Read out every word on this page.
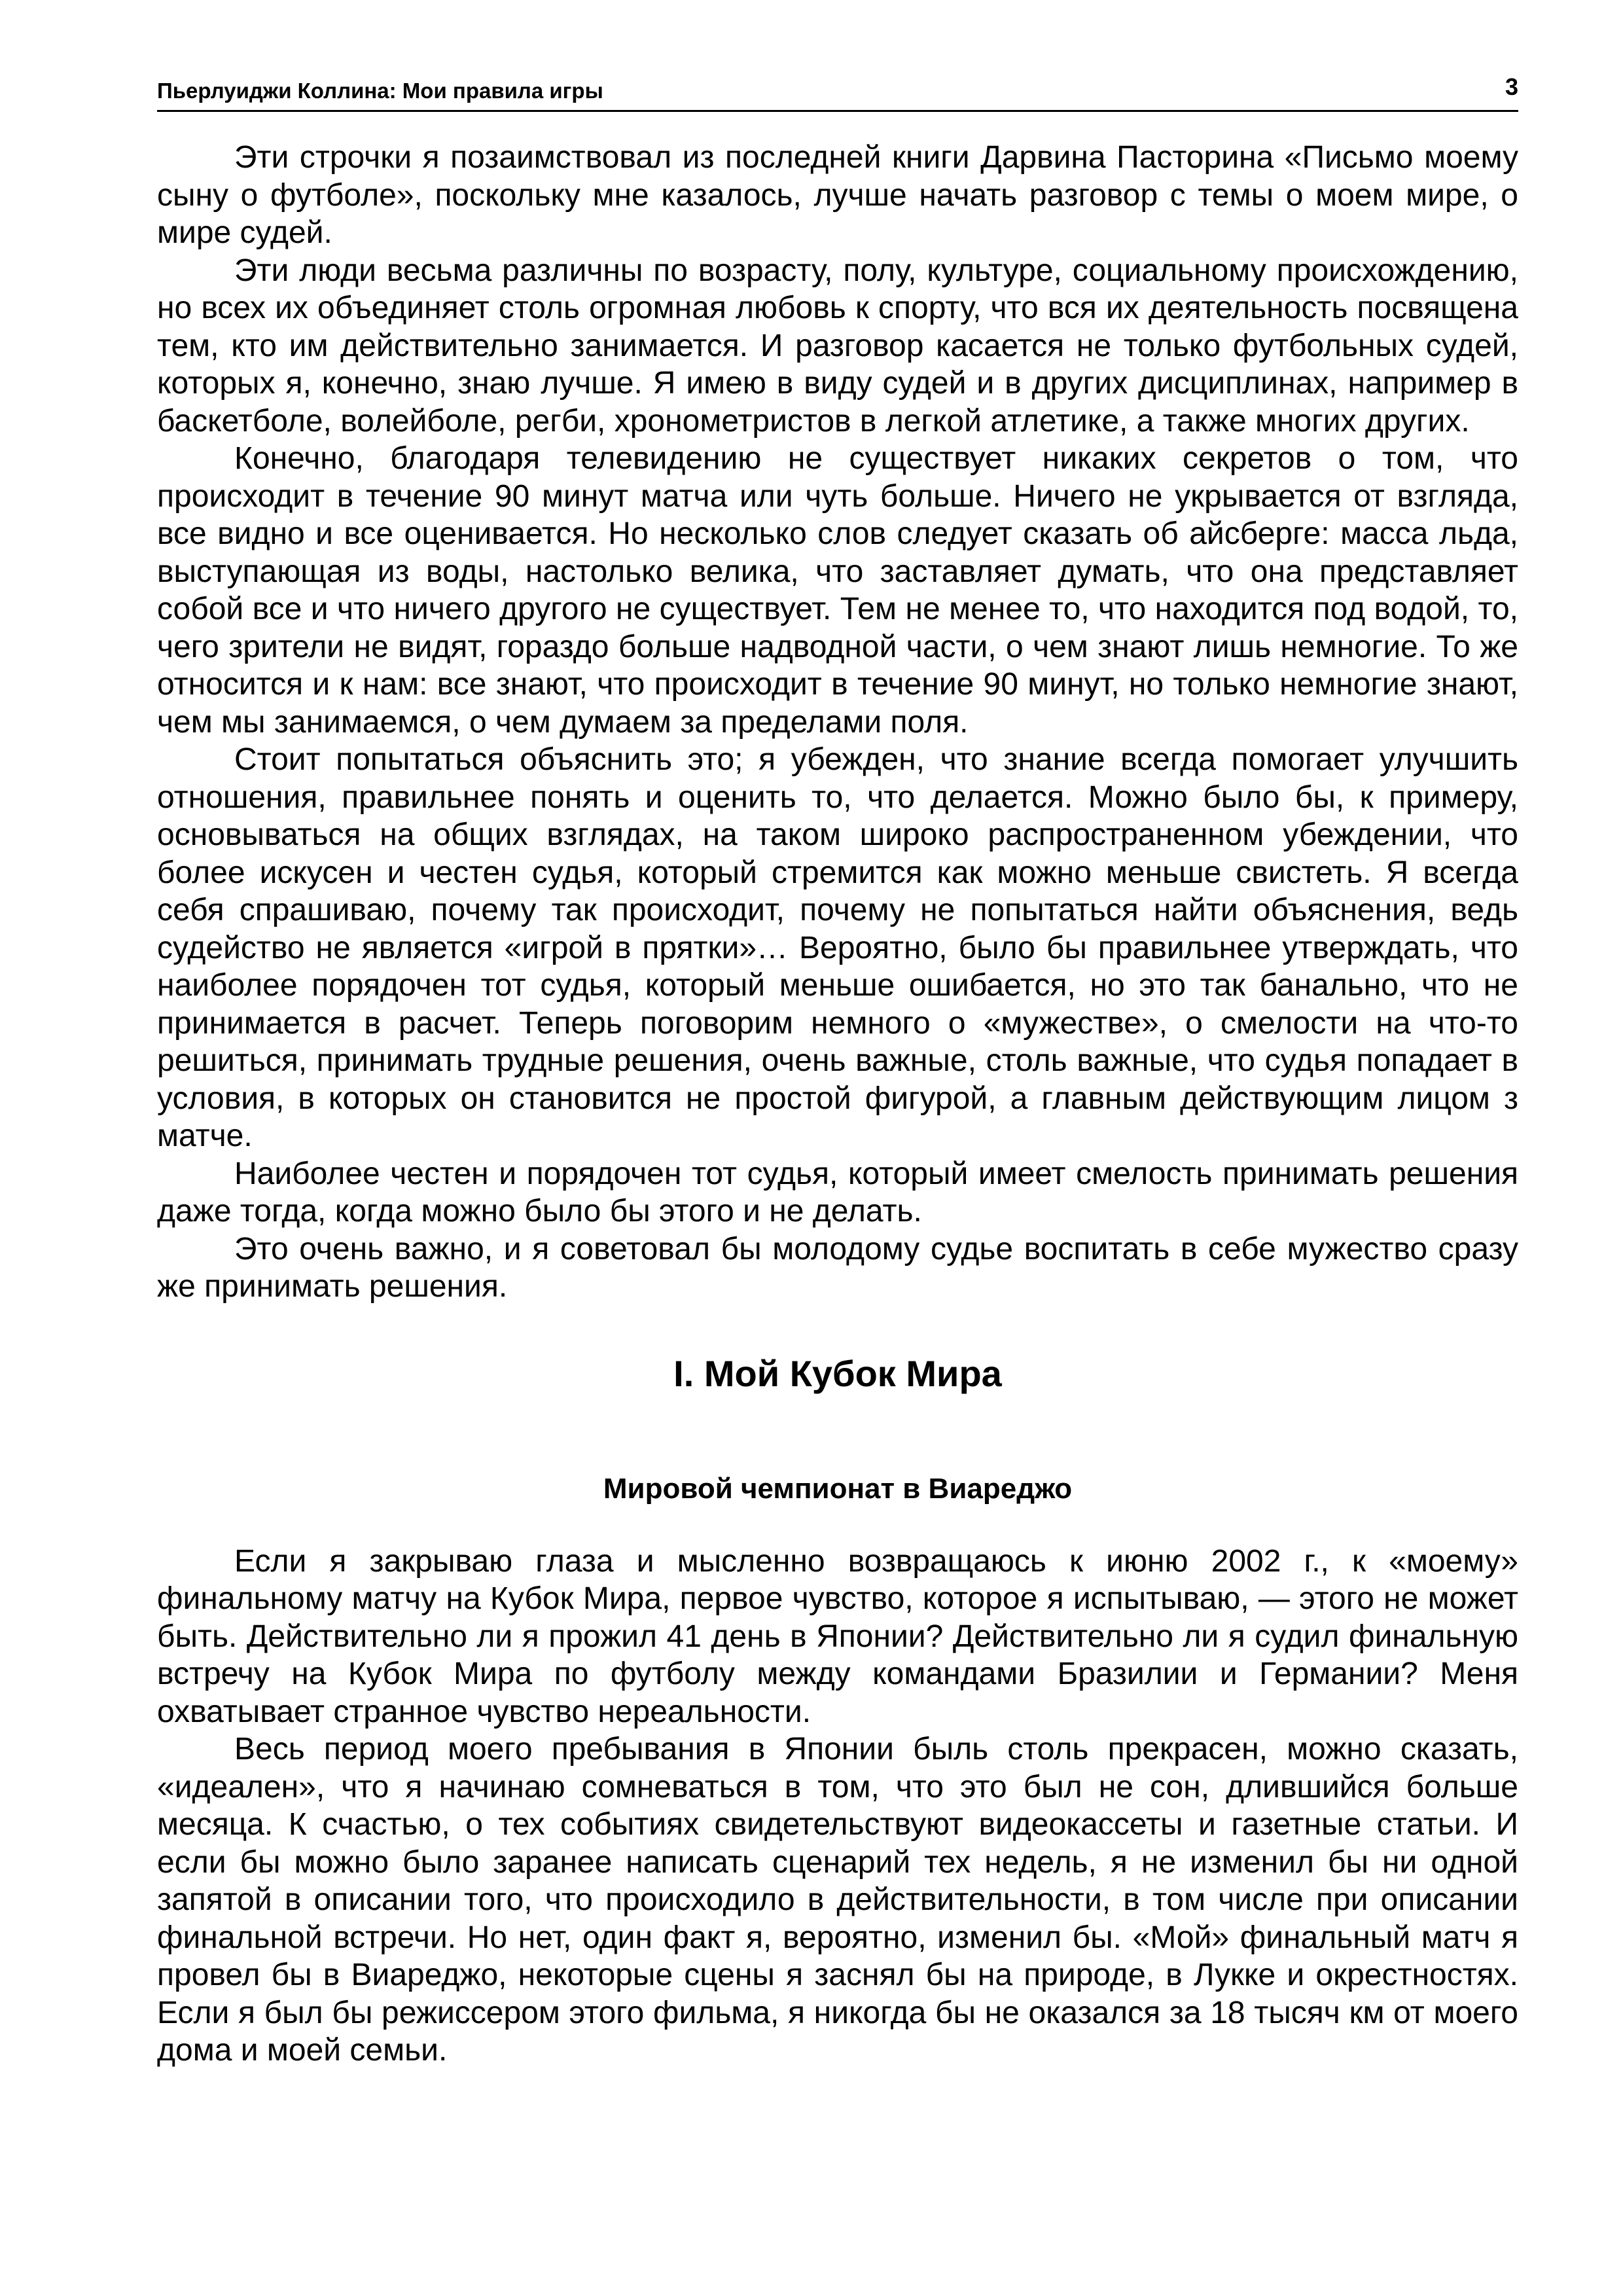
Пьерлуиджи Коллина: Мои правила игры	3

Эти строчки я позаимствовал из последней книги Дарвина Пасторина «Письмо моему сыну о футболе», поскольку мне казалось, лучше начать разговор с темы о моем мире, о мире судей.

Эти люди весьма различны по возрасту, полу, культуре, социальному происхождению, но всех их объединяет столь огромная любовь к спорту, что вся их деятельность посвящена тем, кто им действительно занимается. И разговор касается не только футбольных судей, которых я, конечно, знаю лучше. Я имею в виду судей и в других дисциплинах, например в баскетболе, волейболе, регби, хронометристов в легкой атлетике, а также многих других.

Конечно, благодаря телевидению не существует никаких секретов о том, что происходит в течение 90 минут матча или чуть больше. Ничего не укрывается от взгляда, все видно и все оценивается. Но несколько слов следует сказать об айсберге: масса льда, выступающая из воды, настолько велика, что заставляет думать, что она представляет собой все и что ничего другого не существует. Тем не менее то, что находится под водой, то, чего зрители не видят, гораздо больше надводной части, о чем знают лишь немногие. То же относится и к нам: все знают, что происходит в течение 90 минут, но только немногие знают, чем мы занимаемся, о чем думаем за пределами поля.

Стоит попытаться объяснить это; я убежден, что знание всегда помогает улучшить отношения, правильнее понять и оценить то, что делается. Можно было бы, к примеру, основываться на общих взглядах, на таком широко распространенном убеждении, что более искусен и честен судья, который стремится как можно меньше свистеть. Я всегда себя спрашиваю, почему так происходит, почему не попытаться найти объяснения, ведь судейство не является «игрой в прятки»… Вероятно, было бы правильнее утверждать, что наиболее порядочен тот судья, который меньше ошибается, но это так банально, что не принимается в расчет. Теперь поговорим немного о «мужестве», о смелости на что-то решиться, принимать трудные решения, очень важные, столь важные, что судья попадает в условия, в которых он становится не простой фигурой, а главным действующим лицом з матче.

Наиболее честен и порядочен тот судья, который имеет смелость принимать решения даже тогда, когда можно было бы этого и не делать.

Это очень важно, и я советовал бы молодому судье воспитать в себе мужество сразу же принимать решения.

I. Мой Кубок Мира

Мировой чемпионат в Виареджо

Если я закрываю глаза и мысленно возвращаюсь к июню 2002 г., к «моему» финальному матчу на Кубок Мира, первое чувство, которое я испытываю, — этого не может быть. Действительно ли я прожил 41 день в Японии? Действительно ли я судил финальную встречу на Кубок Мира по футболу между командами Бразилии и Германии? Меня охватывает странное чувство нереальности.

Весь период моего пребывания в Японии быль столь прекрасен, можно сказать, «идеален», что я начинаю сомневаться в том, что это был не сон, длившийся больше месяца. К счастью, о тех событиях свидетельствуют видеокассеты и газетные статьи. И если бы можно было заранее написать сценарий тех недель, я не изменил бы ни одной запятой в описании того, что происходило в действительности, в том числе при описании финальной встречи. Но нет, один факт я, вероятно, изменил бы. «Мой» финальный матч я провел бы в Виареджо, некоторые сцены я заснял бы на природе, в Лукке и окрестностях. Если я был бы режиссером этого фильма, я никогда бы не оказался за 18 тысяч км от моего дома и моей семьи.
